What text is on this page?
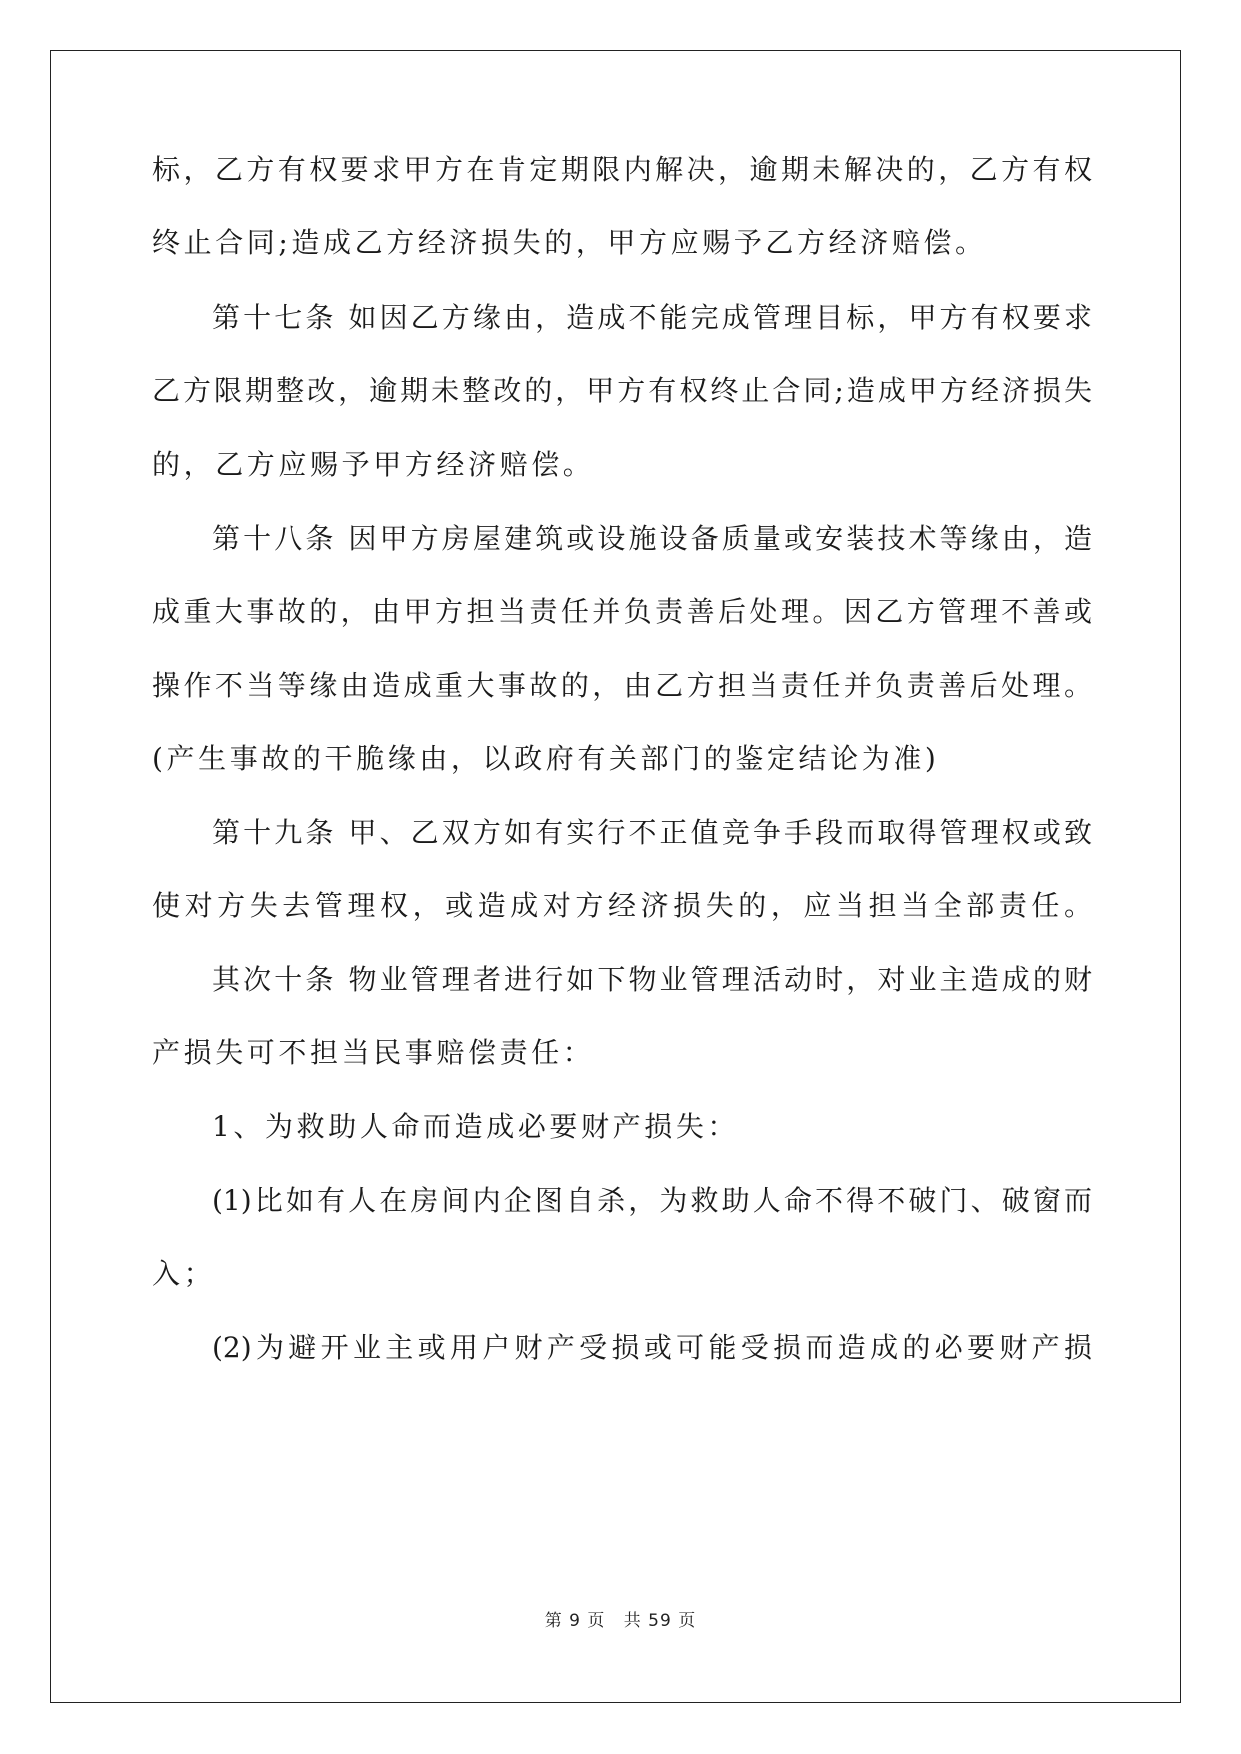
标，乙方有权要求甲方在肯定期限内解决，逾期未解决的，乙方有权
终止合同;造成乙方经济损失的，甲方应赐予乙方经济赔偿。
第十七条 如因乙方缘由，造成不能完成管理目标，甲方有权要求
乙方限期整改，逾期未整改的，甲方有权终止合同;造成甲方经济损失
的，乙方应赐予甲方经济赔偿。
第十八条 因甲方房屋建筑或设施设备质量或安装技术等缘由，造
成重大事故的，由甲方担当责任并负责善后处理。因乙方管理不善或
操作不当等缘由造成重大事故的，由乙方担当责任并负责善后处理。
(产生事故的干脆缘由，以政府有关部门的鉴定结论为准)
第十九条 甲、乙双方如有实行不正值竞争手段而取得管理权或致
使对方失去管理权，或造成对方经济损失的，应当担当全部责任。
其次十条 物业管理者进行如下物业管理活动时，对业主造成的财
产损失可不担当民事赔偿责任：
1、为救助人命而造成必要财产损失：
(1)比如有人在房间内企图自杀，为救助人命不得不破门、破窗而
入；
(2)为避开业主或用户财产受损或可能受损而造成的必要财产损
第 9 页 共 59 页
